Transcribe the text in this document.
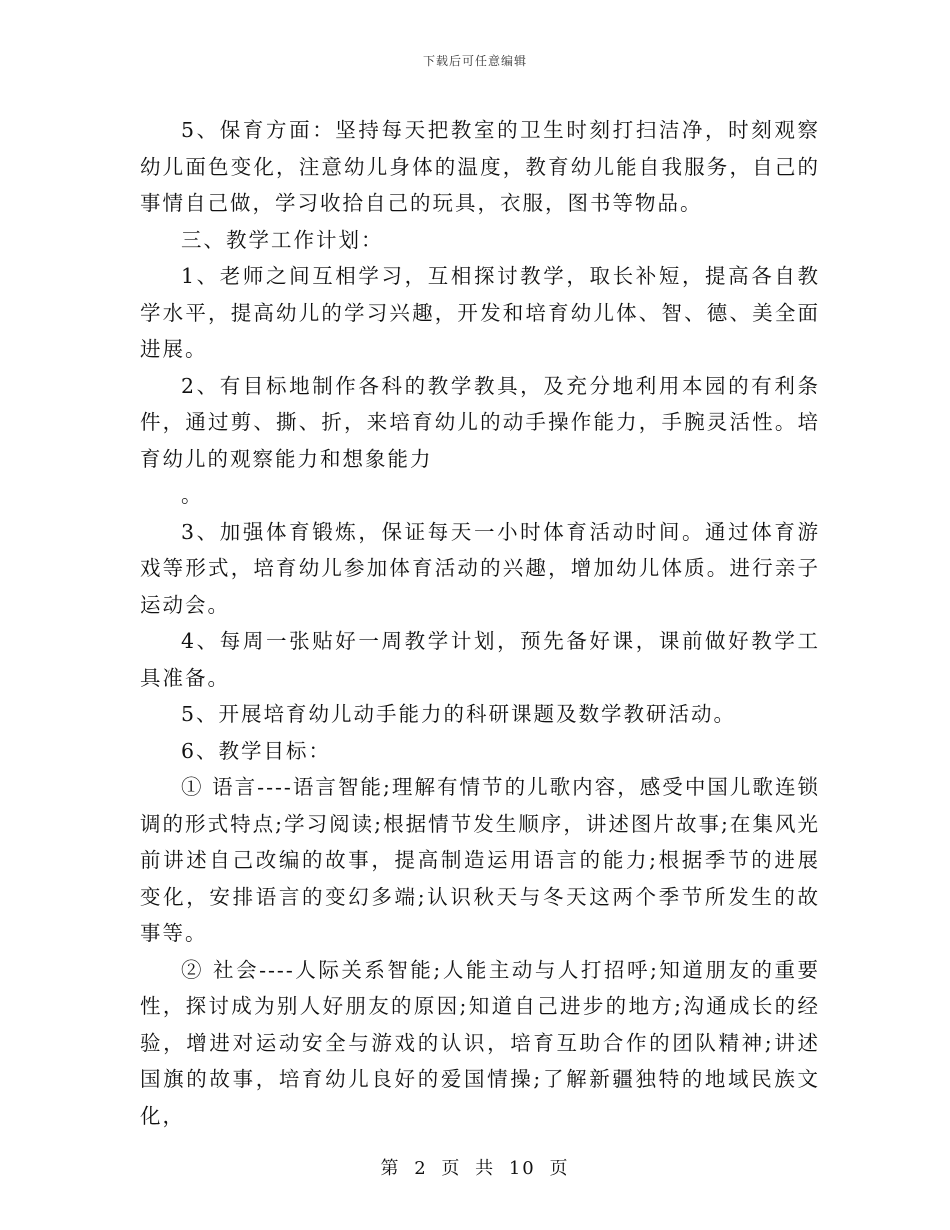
下载后可任意编辑

5、保育方面：坚持每天把教室的卫生时刻打扫洁净，时刻观察幼儿面色变化，注意幼儿身体的温度，教育幼儿能自我服务，自己的事情自己做，学习收拾自己的玩具，衣服，图书等物品。

三、教学工作计划：

1、老师之间互相学习，互相探讨教学，取长补短，提高各自教学水平，提高幼儿的学习兴趣，开发和培育幼儿体、智、德、美全面进展。

2、有目标地制作各科的教学教具，及充分地利用本园的有利条件，通过剪、撕、折，来培育幼儿的动手操作能力，手腕灵活性。培育幼儿的观察能力和想象能力

。

3、加强体育锻炼，保证每天一小时体育活动时间。通过体育游戏等形式，培育幼儿参加体育活动的兴趣，增加幼儿体质。进行亲子运动会。

4、每周一张贴好一周教学计划，预先备好课，课前做好教学工具准备。

5、开展培育幼儿动手能力的科研课题及数学教研活动。

6、教学目标：

① 语言----语言智能;理解有情节的儿歌内容，感受中国儿歌连锁调的形式特点;学习阅读;根据情节发生顺序，讲述图片故事;在集风光前讲述自己改编的故事，提高制造运用语言的能力;根据季节的进展变化，安排语言的变幻多端;认识秋天与冬天这两个季节所发生的故事等。

② 社会----人际关系智能;人能主动与人打招呼;知道朋友的重要性，探讨成为别人好朋友的原因;知道自己进步的地方;沟通成长的经验，增进对运动安全与游戏的认识，培育互助合作的团队精神;讲述国旗的故事，培育幼儿良好的爱国情操;了解新疆独特的地域民族文化，

第 2 页 共 10 页
